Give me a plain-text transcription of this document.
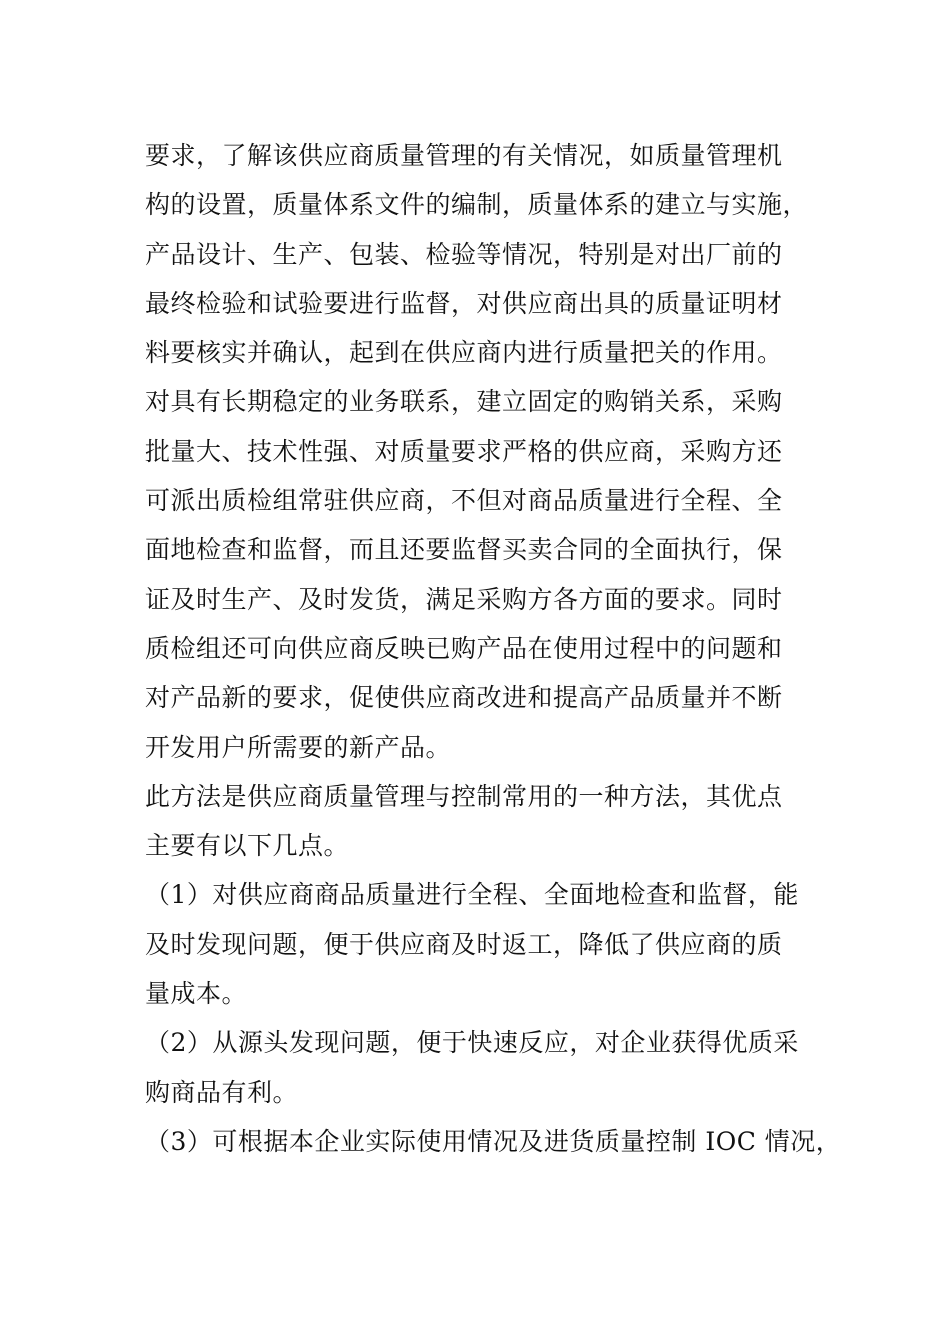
要求，了解该供应商质量管理的有关情况，如质量管理机
构的设置，质量体系文件的编制，质量体系的建立与实施，
产品设计、生产、包装、检验等情况，特别是对出厂前的
最终检验和试验要进行监督，对供应商出具的质量证明材
料要核实并确认，起到在供应商内进行质量把关的作用。
对具有长期稳定的业务联系，建立固定的购销关系，采购
批量大、技术性强、对质量要求严格的供应商，采购方还
可派出质检组常驻供应商，不但对商品质量进行全程、全
面地检查和监督，而且还要监督买卖合同的全面执行，保
证及时生产、及时发货，满足采购方各方面的要求。同时
质检组还可向供应商反映已购产品在使用过程中的问题和
对产品新的要求，促使供应商改进和提高产品质量并不断
开发用户所需要的新产品。
此方法是供应商质量管理与控制常用的一种方法，其优点
主要有以下几点。
（1）对供应商商品质量进行全程、全面地检查和监督，能
及时发现问题，便于供应商及时返工，降低了供应商的质
量成本。
（2）从源头发现问题，便于快速反应，对企业获得优质采
购商品有利。
（3）可根据本企业实际使用情况及进货质量控制 IOC 情况，
